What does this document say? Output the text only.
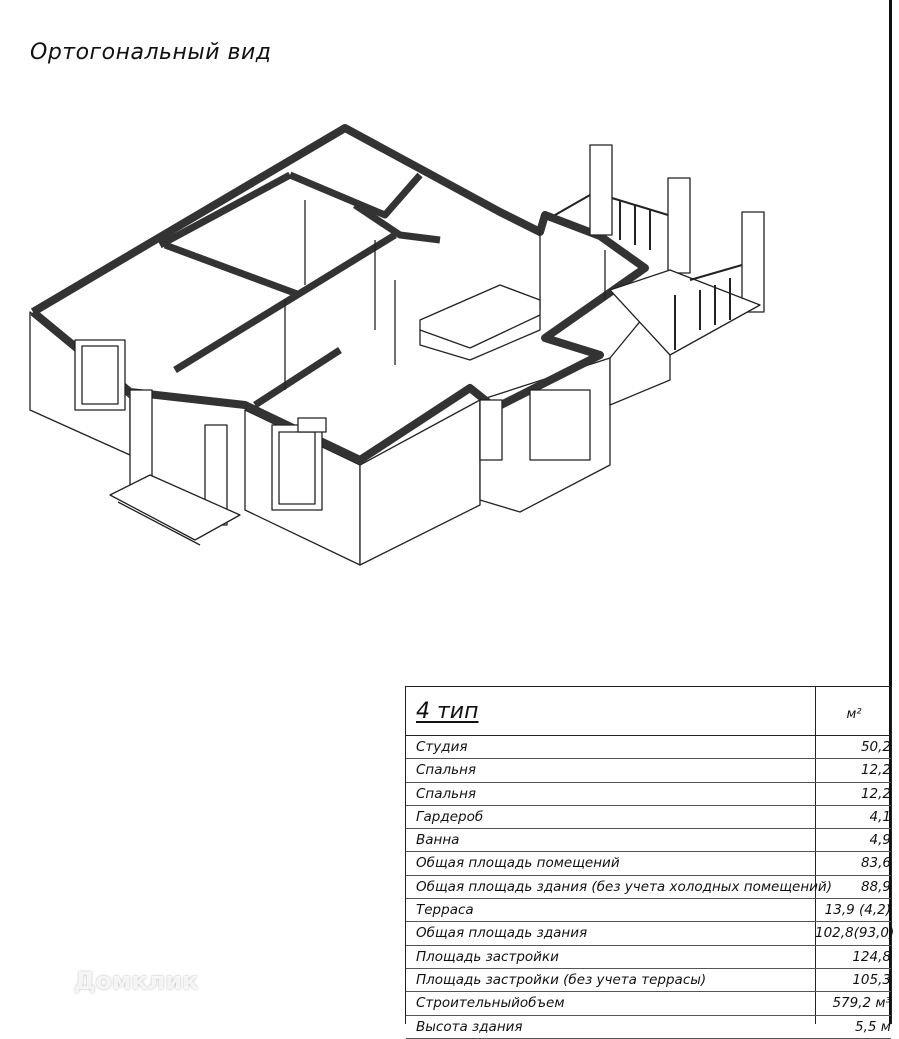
Ортогональный вид
4 тип	м²
Студия	50,2
Спальня	12,2
Спальня	12,2
Гардероб	4,1
Ванна	4,9
Общая площадь помещений	83,6
Общая площадь здания (без учета холодных помещений)	88,9
Терраса	13,9 (4,2)
Общая площадь здания	102,8(93,0)
Площадь застройки	124,8
Площадь застройки (без учета террасы)	105,3
Строительныйобъем	579,2 м³
Высота здания	5,5 м
Домклик
